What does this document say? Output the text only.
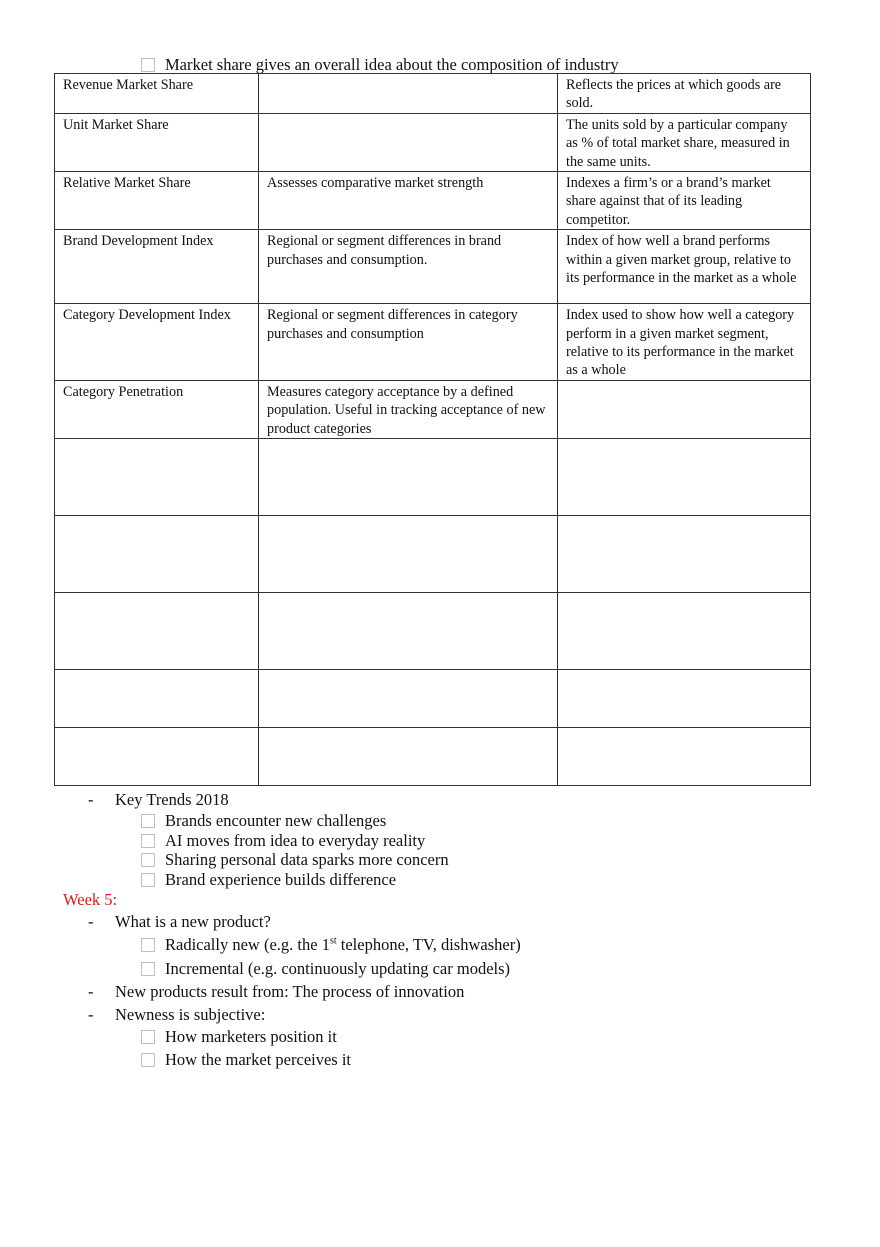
Market share gives an overall idea about the composition of industry
Revenue Market Share		Reflects the prices at which goods are sold.
Unit Market Share		The units sold by a particular company as % of total market share, measured in the same units.
Relative Market Share	Assesses comparative market strength	Indexes a firm’s or a brand’s market share against that of its leading competitor.
Brand Development Index	Regional or segment differences in brand purchases and consumption.	Index of how well a brand performs within a given market group, relative to its performance in the market as a whole
Category Development Index	Regional or segment differences in category purchases and consumption	Index used to show how well a category perform in a given market segment, relative to its performance in the market as a whole
Category Penetration	Measures category acceptance by a defined population. Useful in tracking acceptance of new product categories	

- Key Trends 2018
Brands encounter new challenges
AI moves from idea to everyday reality
Sharing personal data sparks more concern
Brand experience builds difference
Week 5:
- What is a new product?
Radically new (e.g. the 1st telephone, TV, dishwasher)
Incremental (e.g. continuously updating car models)
- New products result from: The process of innovation
- Newness is subjective:
How marketers position it
How the market perceives it
